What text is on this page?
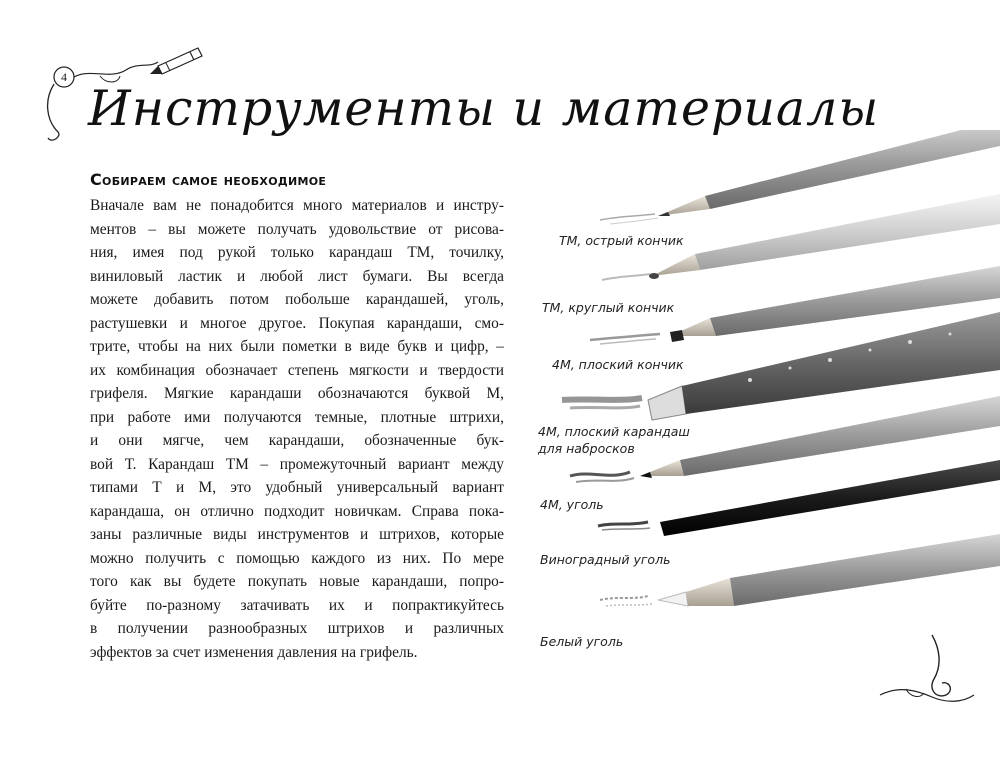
4
Инструменты и материалы
Собираем самое необходимое

Вначале вам не понадобится много материалов и инстру-
ментов – вы можете получать удовольствие от рисова-
ния, имея под рукой только карандаш ТМ, точилку,
виниловый ластик и любой лист бумаги. Вы всегда
можете добавить потом побольше карандашей, уголь,
растушевки и многое другое. Покупая карандаши, смо-
трите, чтобы на них были пометки в виде букв и цифр, –
их комбинация обозначает степень мягкости и твердости
грифеля. Мягкие карандаши обозначаются буквой М,
при работе ими получаются темные, плотные штрихи,
и они мягче, чем карандаши, обозначенные бук-
вой Т. Карандаш ТМ – промежуточный вариант между
типами Т и М, это удобный универсальный вариант
карандаша, он отлично подходит новичкам. Справа пока-
заны различные виды инструментов и штрихов, которые
можно получить с помощью каждого из них. По мере
того как вы будете покупать новые карандаши, попро-
буйте по-разному затачивать их и попрактикуйтесь
в получении разнообразных штрихов и различных
эффектов за счет изменения давления на грифель.

ТМ, острый кончик
ТМ, круглый кончик
4М, плоский кончик
4М, плоский карандаш
для набросков
4М, уголь
Виноградный уголь
Белый уголь
